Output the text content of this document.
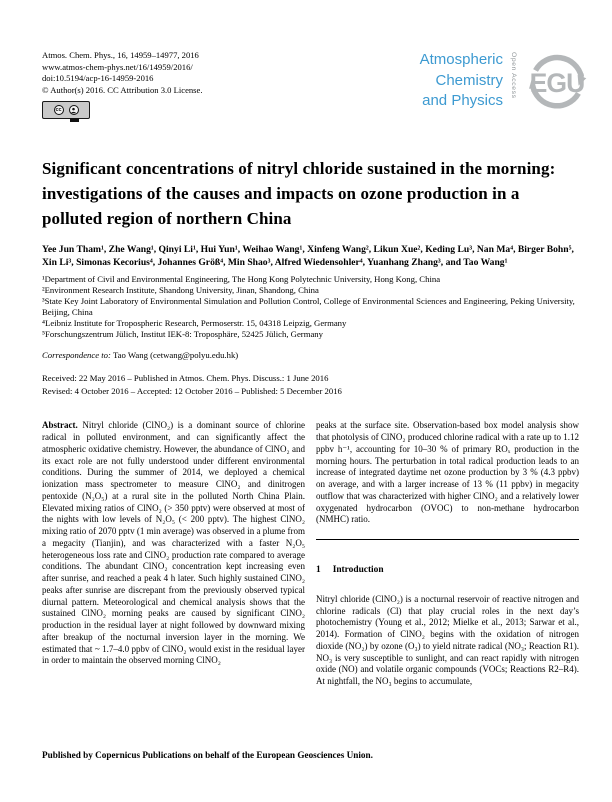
Atmos. Chem. Phys., 16, 14959–14977, 2016
www.atmos-chem-phys.net/16/14959/2016/
doi:10.5194/acp-16-14959-2016
© Author(s) 2016. CC Attribution 3.0 License.
cc
Atmospheric
Chemistry
and Physics
Open Access EGU
Significant concentrations of nitryl chloride sustained in the morning: investigations of the causes and impacts on ozone production in a polluted region of northern China

Yee Jun Tham¹, Zhe Wang¹, Qinyi Li¹, Hui Yun¹, Weihao Wang¹, Xinfeng Wang², Likun Xue², Keding Lu³, Nan Ma⁴, Birger Bohn⁵, Xin Li³, Simonas Kecorius⁴, Johannes Größ⁴, Min Shao³, Alfred Wiedensohler⁴, Yuanhang Zhang³, and Tao Wang¹

¹Department of Civil and Environmental Engineering, The Hong Kong Polytechnic University, Hong Kong, China
²Environment Research Institute, Shandong University, Jinan, Shandong, China
³State Key Joint Laboratory of Environmental Simulation and Pollution Control, College of Environmental Sciences and Engineering, Peking University, Beijing, China
⁴Leibniz Institute for Tropospheric Research, Permoserstr. 15, 04318 Leipzig, Germany
⁵Forschungszentrum Jülich, Institut IEK-8: Troposphäre, 52425 Jülich, Germany

Correspondence to: Tao Wang (cetwang@polyu.edu.hk)

Received: 22 May 2016 – Published in Atmos. Chem. Phys. Discuss.: 1 June 2016
Revised: 4 October 2016 – Accepted: 12 October 2016 – Published: 5 December 2016

Abstract. Nitryl chloride (ClNO₂) is a dominant source of chlorine radical in polluted environment, and can significantly affect the atmospheric oxidative chemistry. However, the abundance of ClNO₂ and its exact role are not fully understood under different environmental conditions. During the summer of 2014, we deployed a chemical ionization mass spectrometer to measure ClNO₂ and dinitrogen pentoxide (N₂O₅) at a rural site in the polluted North China Plain. Elevated mixing ratios of ClNO₂ (> 350 pptv) were observed at most of the nights with low levels of N₂O₅ (< 200 pptv). The highest ClNO₂ mixing ratio of 2070 pptv (1 min average) was observed in a plume from a megacity (Tianjin), and was characterized with a faster N₂O₅ heterogeneous loss rate and ClNO₂ production rate compared to average conditions. The abundant ClNO₂ concentration kept increasing even after sunrise, and reached a peak 4 h later. Such highly sustained ClNO₂ peaks after sunrise are discrepant from the previously observed typical diurnal pattern. Meteorological and chemical analysis shows that the sustained ClNO₂ morning peaks are caused by significant ClNO₂ production in the residual layer at night followed by downward mixing after breakup of the nocturnal inversion layer in the morning. We estimated that ~ 1.7–4.0 ppbv of ClNO₂ would exist in the residual layer in order to maintain the observed morning ClNO₂

peaks at the surface site. Observation-based box model analysis show that photolysis of ClNO₂ produced chlorine radical with a rate up to 1.12 ppbv h⁻¹, accounting for 10–30 % of primary ROₓ production in the morning hours. The perturbation in total radical production leads to an increase of integrated daytime net ozone production by 3 % (4.3 ppbv) on average, and with a larger increase of 13 % (11 ppbv) in megacity outflow that was characterized with higher ClNO₂ and a relatively lower oxygenated hydrocarbon (OVOC) to non-methane hydrocarbon (NMHC) ratio.

1 Introduction

Nitryl chloride (ClNO₂) is a nocturnal reservoir of reactive nitrogen and chlorine radicals (Cl) that play crucial roles in the next day’s photochemistry (Young et al., 2012; Mielke et al., 2013; Sarwar et al., 2014). Formation of ClNO₂ begins with the oxidation of nitrogen dioxide (NO₂) by ozone (O₃) to yield nitrate radical (NO₃; Reaction R1). NO₃ is very susceptible to sunlight, and can react rapidly with nitrogen oxide (NO) and volatile organic compounds (VOCs; Reactions R2–R4). At nightfall, the NO₃ begins to accumulate,

Published by Copernicus Publications on behalf of the European Geosciences Union.
